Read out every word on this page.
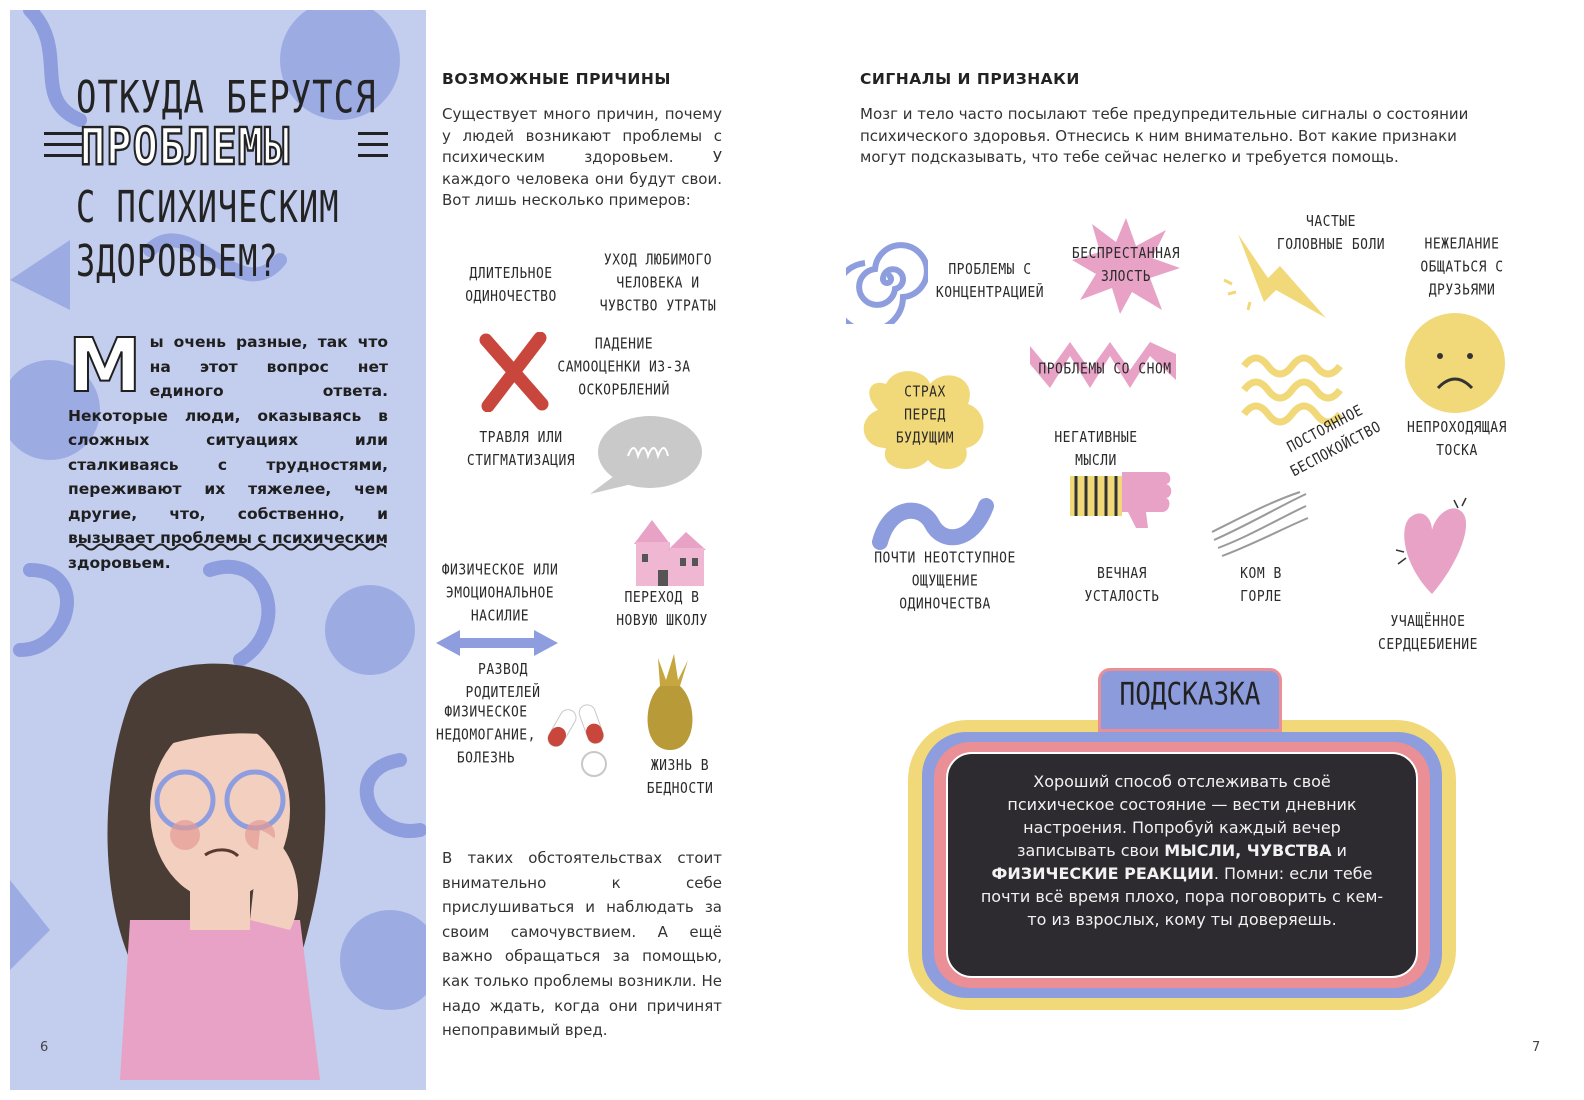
6
ОТКУДА БЕРУТСЯ
ПРОБЛЕМЫ
С ПСИХИЧЕСКИМ
ЗДОРОВЬЕМ?
М ы очень разные, так что на этот вопрос нет единого ответа. Некоторые люди, оказываясь в сложных ситуациях или сталкиваясь с трудностями, переживают их тяжелее, чем другие, что, собственно, и вызывает проблемы с психическим здоровьем.
ВОЗМОЖНЫЕ ПРИЧИНЫ
Существует много причин, почему у людей возникают проблемы с психическим здоровьем. У каждого человека они будут свои. Вот лишь несколько примеров:
ДЛИТЕЛЬНОЕ ОДИНОЧЕСТВО
УХОД ЛЮБИМОГО ЧЕЛОВЕКА И ЧУВСТВО УТРАТЫ
ПАДЕНИЕ САМООЦЕНКИ ИЗ-ЗА ОСКОРБЛЕНИЙ
ТРАВЛЯ ИЛИ СТИГМАТИЗАЦИЯ
ФИЗИЧЕСКОЕ ИЛИ ЭМОЦИОНАЛЬНОЕ НАСИЛИЕ
ПЕРЕХОД В НОВУЮ ШКОЛУ
РАЗВОД РОДИТЕЛЕЙ
ФИЗИЧЕСКОЕ НЕДОМОГАНИЕ, БОЛЕЗНЬ	ЖИЗНЬ В БЕДНОСТИ
В таких обстоятельствах стоит внимательно к себе прислушиваться и наблюдать за своим самочувствием. А ещё важно обращаться за помощью, как только проблемы возникли. Не надо ждать, когда они причинят непоправимый вред.
СИГНАЛЫ И ПРИЗНАКИ
Мозг и тело часто посылают тебе предупредительные сигналы о состоянии психического здоровья. Отнесись к ним внимательно. Вот какие признаки могут подсказывать, что тебе сейчас нелегко и требуется помощь.
ПРОБЛЕМЫ С КОНЦЕНТРАЦИЕЙ
БЕСПРЕСТАННАЯ ЗЛОСТЬ
ЧАСТЫЕ ГОЛОВНЫЕ БОЛИ	НЕЖЕЛАНИЕ ОБЩАТЬСЯ С ДРУЗЬЯМИ
НЕПРОХОДЯЩАЯ ТОСКА
ПРОБЛЕМЫ СО СНОМ
ПОСТОЯННОЕ БЕСПОКОЙСТВО
СТРАХ ПЕРЕД БУДУЩИМ	НЕГАТИВНЫЕ МЫСЛИ
ПОЧТИ НЕОТСТУПНОЕ ОЩУЩЕНИЕ ОДИНОЧЕСТВА
ВЕЧНАЯ УСТАЛОСТЬ
КОМ В ГОРЛЕ
УЧАЩЁННОЕ СЕРДЦЕБИЕНИЕ
ПОДСКАЗКА
Хороший способ отслеживать своё психическое состояние — вести дневник настроения. Попробуй каждый вечер записывать свои МЫСЛИ, ЧУВСТВА и ФИЗИЧЕСКИЕ РЕАКЦИИ. Помни: если тебе почти всё время плохо, пора поговорить с кем-то из взрослых, кому ты доверяешь.
7
